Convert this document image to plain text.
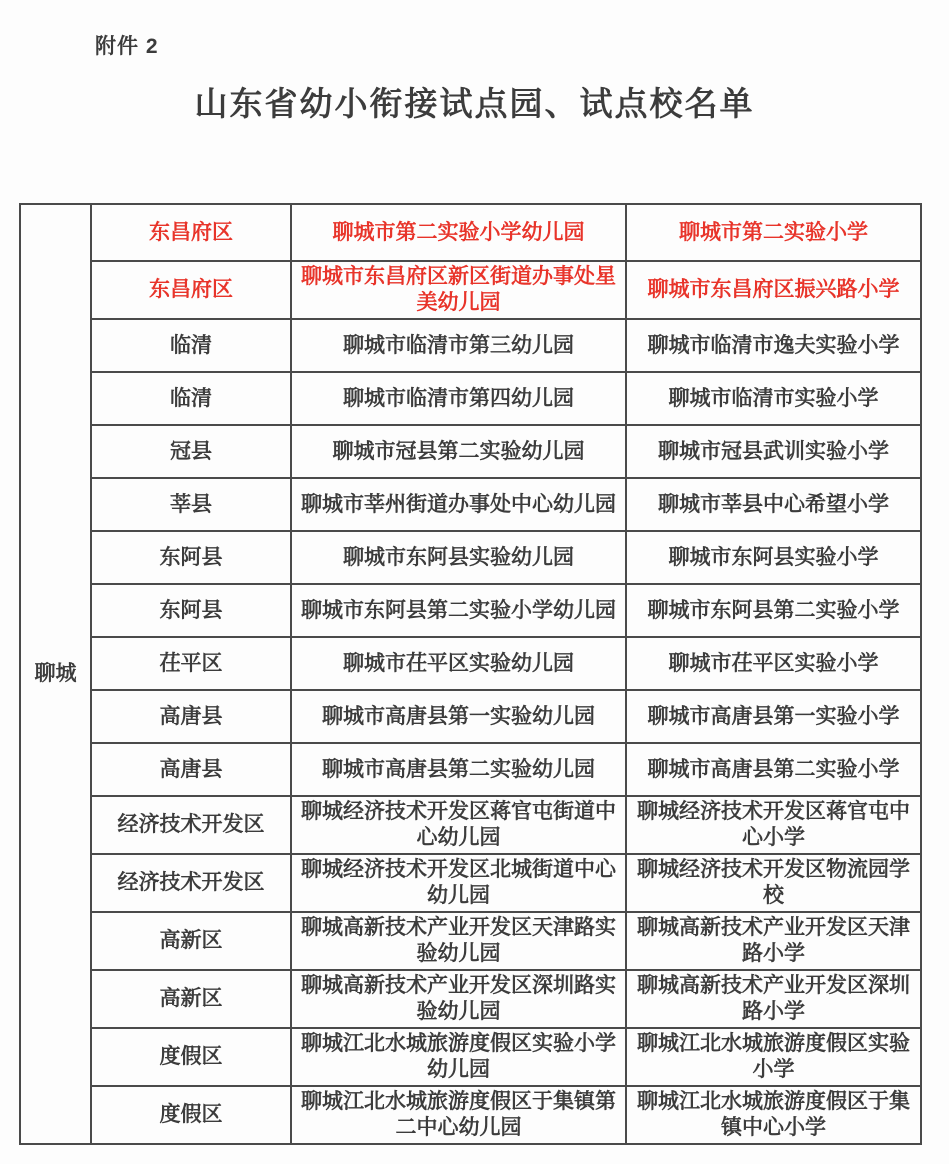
附件 2
山东省幼小衔接试点园、试点校名单
聊城	东昌府区	聊城市第二实验小学幼儿园	聊城市第二实验小学
	东昌府区	聊城市东昌府区新区街道办事处星美幼儿园	聊城市东昌府区振兴路小学
	临清	聊城市临清市第三幼儿园	聊城市临清市逸夫实验小学
	临清	聊城市临清市第四幼儿园	聊城市临清市实验小学
	冠县	聊城市冠县第二实验幼儿园	聊城市冠县武训实验小学
	莘县	聊城市莘州街道办事处中心幼儿园	聊城市莘县中心希望小学
	东阿县	聊城市东阿县实验幼儿园	聊城市东阿县实验小学
	东阿县	聊城市东阿县第二实验小学幼儿园	聊城市东阿县第二实验小学
	茌平区	聊城市茌平区实验幼儿园	聊城市茌平区实验小学
	高唐县	聊城市高唐县第一实验幼儿园	聊城市高唐县第一实验小学
	高唐县	聊城市高唐县第二实验幼儿园	聊城市高唐县第二实验小学
	经济技术开发区	聊城经济技术开发区蒋官屯街道中心幼儿园	聊城经济技术开发区蒋官屯中心小学
	经济技术开发区	聊城经济技术开发区北城街道中心幼儿园	聊城经济技术开发区物流园学校
	高新区	聊城高新技术产业开发区天津路实验幼儿园	聊城高新技术产业开发区天津路小学
	高新区	聊城高新技术产业开发区深圳路实验幼儿园	聊城高新技术产业开发区深圳路小学
	度假区	聊城江北水城旅游度假区实验小学幼儿园	聊城江北水城旅游度假区实验小学
	度假区	聊城江北水城旅游度假区于集镇第二中心幼儿园	聊城江北水城旅游度假区于集镇中心小学
